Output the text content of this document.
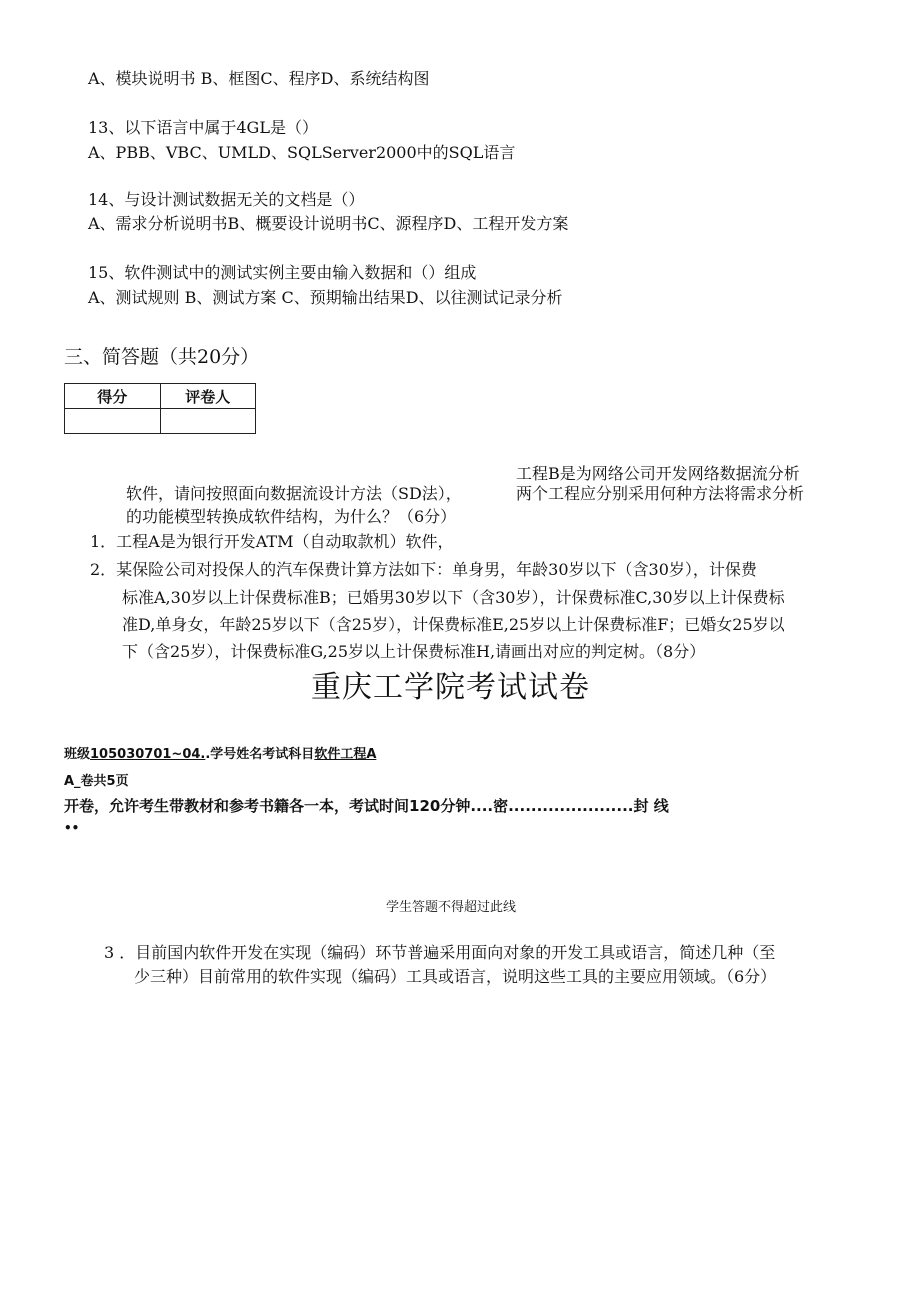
A、模块说明书 B、框图C、程序D、系统结构图
13、以下语言中属于4GL是（）
A、PBB、VBC、UMLD、SQLServer2000中的SQL语言
14、与设计测试数据无关的文档是（）
A、需求分析说明书B、概要设计说明书C、源程序D、工程开发方案
15、软件测试中的测试实例主要由输入数据和（）组成
A、测试规则 B、测试方案 C、预期输出结果D、以往测试记录分析
三、简答题（共20分）
得分	评卷人

工程B是为网络公司开发网络数据流分析
软件，请问按照面向数据流设计方法（SD法），	两个工程应分别采用何种方法将需求分析
的功能模型转换成软件结构，为什么？（6分）
1．工程A是为银行开发ATM（自动取款机）软件，
2．某保险公司对投保人的汽车保费计算方法如下：单身男，年龄30岁以下（含30岁），计保费
标准A,30岁以上计保费标准B；已婚男30岁以下（含30岁），计保费标准C,30岁以上计保费标
准D,单身女，年龄25岁以下（含25岁），计保费标准E,25岁以上计保费标准F；已婚女25岁以
下（含25岁），计保费标准G,25岁以上计保费标准H,请画出对应的判定树。（8分）
重庆工学院考试试卷
班级105030701~04..学号姓名考试科目软件工程A
A_卷共5页
开卷，允许考生带教材和参考书籍各一本，考试时间120分钟....密......................封 线
••
学生答题不得超过此线
3 ．目前国内软件开发在实现（编码）环节普遍采用面向对象的开发工具或语言，简述几种（至
少三种）目前常用的软件实现（编码）工具或语言，说明这些工具的主要应用领域。（6分）
